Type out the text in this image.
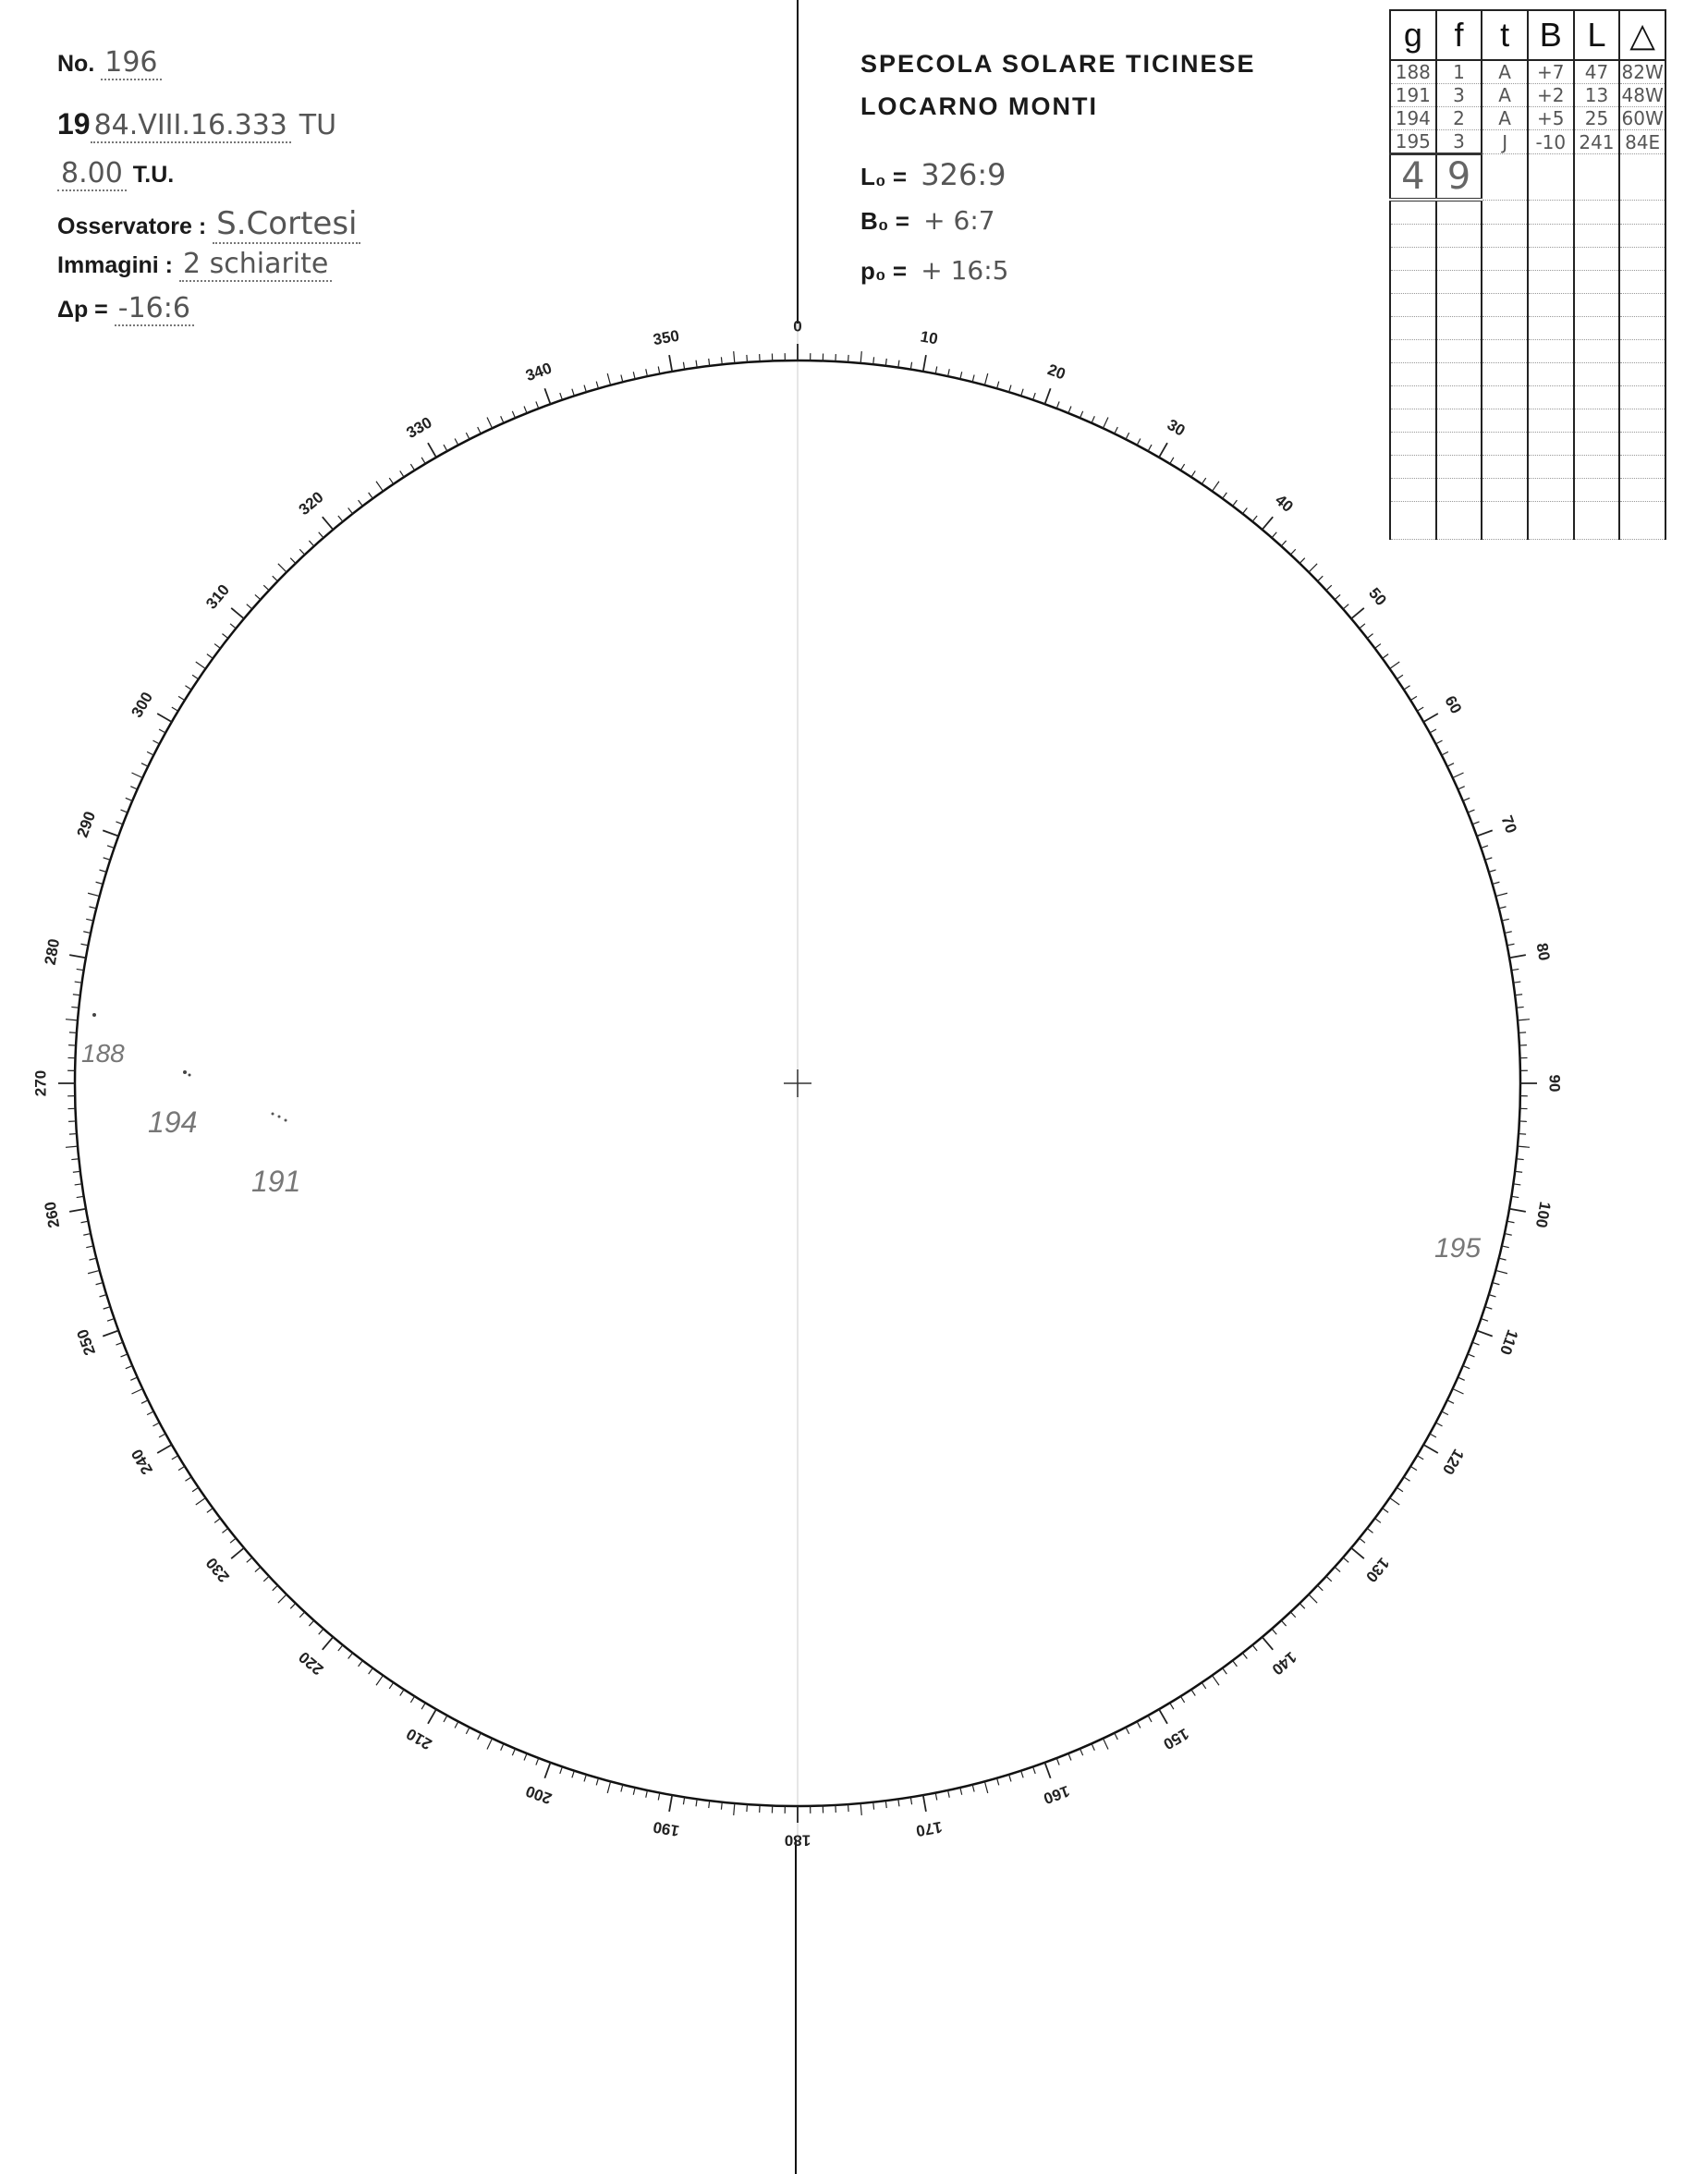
No. 196
19 84.VIII.16.333 TU
8.00 T.U.
Osservatore : S.Cortesi
Immagini : 2 schiarite
Δp = -16:6
SPECOLA SOLARE TICINESE
LOCARNO MONTI
L₀ = 326:9
B₀ = + 6:7
p₀ = + 16:5
g	f	t	B	L	△
188	1	A	+7	47	82W
191	3	A	+2	13	48W
194	2	A	+5	25	60W
195	3	J	-10	241	84E
4	9				

0
10
20
30
40
50
60
70
80
90
100
110
120
130
140
150
160
170
180
190
200
210
220
230
240
250
260
270
280
290
300
310
320
330
340
350
188
194
191
195
